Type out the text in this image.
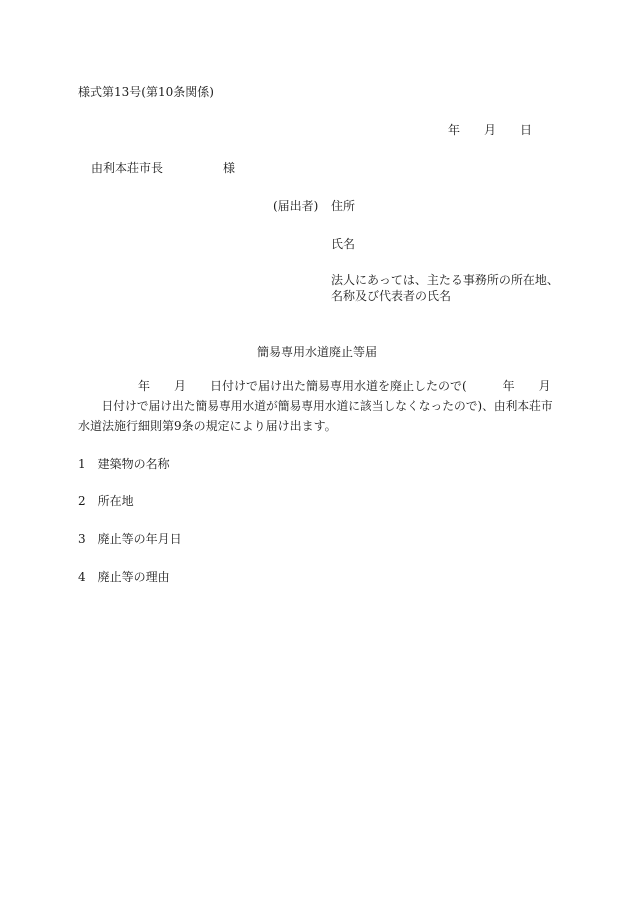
様式第13号(第10条関係)
年　　月　　日
由利本荘市長　　　　　様
(届出者) 住所
氏名
法人にあっては、主たる事務所の所在地、
名称及び代表者の氏名
簡易専用水道廃止等届
　　　　　年　　月　　日付けで届け出た簡易専用水道を廃止したので(　　　年　　月
　　日付けで届け出た簡易専用水道が簡易専用水道に該当しなくなったので)、由利本荘市
水道法施行細則第9条の規定により届け出ます。
1 建築物の名称
2 所在地
3 廃止等の年月日
4 廃止等の理由
